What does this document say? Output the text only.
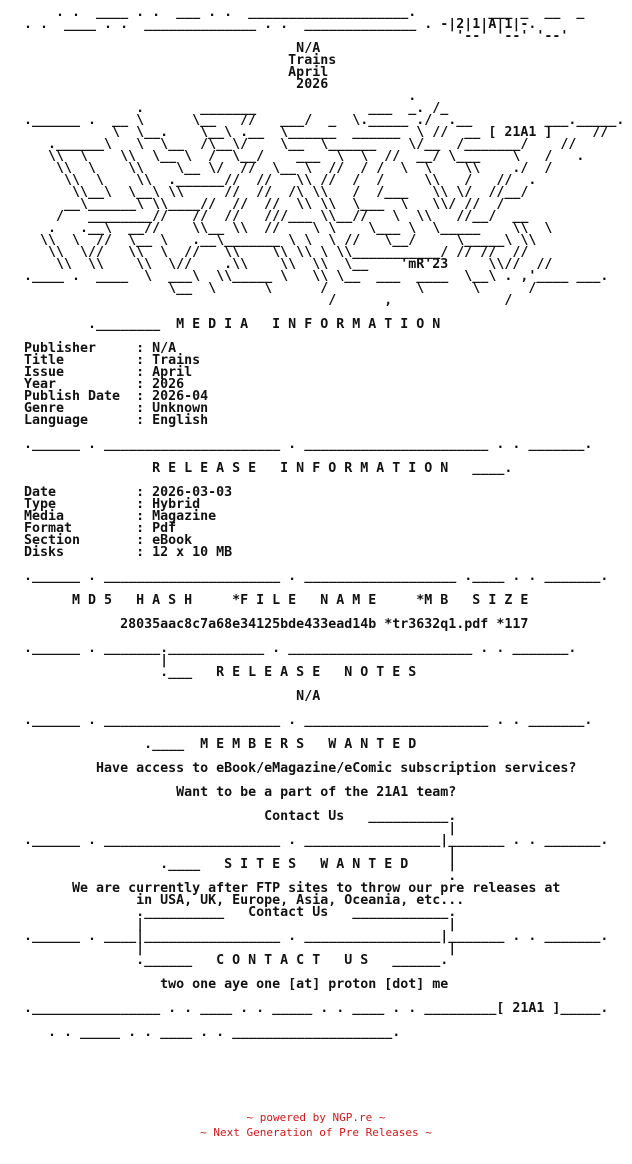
. .  ____ . .  ___ . .  ____________________.         ___ _  __  _
. .  ____ . .  ______________ . .  ______________ . -|2|1|A|1|-.
'--' '--' '--'
N/A
Trains
April
2026
.
.       _______              ___  _. /_
.______ .  __ \      \__   //   ___/  _  \._____ ./  .__         ___._____.
\  \__.    \__\ .__  \______  ______  \ //  __ [ 21A1 ]     //
.______\   \  \__  /\__\/    \__  \______    \/__  /_______/    //
\\  \    \\  \__ \  /  \__/    ___  \  \  //  __/ \___    \   /   .
\\  \    \\    \__ \/  //  \__ \  //  / /  \  \    \\    ./  /
\\  \    \\  .______//  //   \\ //  /  /     \\   /   //  .
\\__\  \__\ \\     //  //  /\ \\   /  /___   \\ \/  //__/
__\______\ \\____//  //  //  \\ \\  \___  \   \\/ //  /
/   ________//   //  //   ///___ \\__//   \  \\   //__/  __
.   .__\  __//    \\__ \\  //    \ \    \___ \  \_____    \\  \
\\  \  //  \__ \   .__\_______ \ \  \ //   \__/     \_____\ \\
\\  \//   \\  \  //   \\    \\ \\ \ \\___________/ // //  //
\\  \\    \\  \//    .\\    \\  \\  \__    'mR'23     \\//  //
.____ .  ____  \  ___\  \\_____ \   \\ \__  ___  ____  \__\ . ,'____ ___.
\__  \      \      /           \      \      /
/      ,              /

.________  M E D I A   I N F O R M A T I O N

Publisher     : N/A
Title         : Trains
Issue         : April
Year          : 2026
Publish Date  : 2026-04
Genre         : Unknown
Language      : English

.______ . ______________________ . _______________________ . . _______.

R E L E A S E   I N F O R M A T I O N   ____.

Date          : 2026-03-03
Type          : Hybrid
Media         : Magazine
Format        : Pdf
Section       : eBook
Disks         : 12 x 10 MB

.______ . ______________________ . ___________________ .____ . . _______.

M D 5   H A S H     *F I L E   N A M E     *M B   S I Z E

28035aac8c7a68e34125bde433ead14b *tr3632q1.pdf *117

.______ . _______.____________ . _______________________ . . _______.
|
.___   R E L E A S E   N O T E S

N/A

.______ . ______________________ . _______________________ . . _______.

.____  M E M B E R S   W A N T E D

Have access to eBook/eMagazine/eComic subscription services?

Want to be a part of the 21A1 team?

Contact Us   __________.
|
.______ . ______________________ . _________________|_______ . . _______.
|
.____   S I T E S   W A N T E D     |
.
We are currently after FTP sites to throw our pre releases at
in USA, UK, Europe, Asia, Oceania, etc...
.__________   Contact Us   ____________.
|                                      |
.______ . ____|_________________ . _________________|_______ . . _______.
|                                      |
.______   C O N T A C T   U S   ______.

two one aye one [at] proton [dot] me

.________________ . . ____ . . _____ . . ____ . . _________[ 21A1 ]_____.

. . _____ . . ____ . . ____________________.
~ powered by NGP.re ~
~ Next Generation of Pre Releases ~
